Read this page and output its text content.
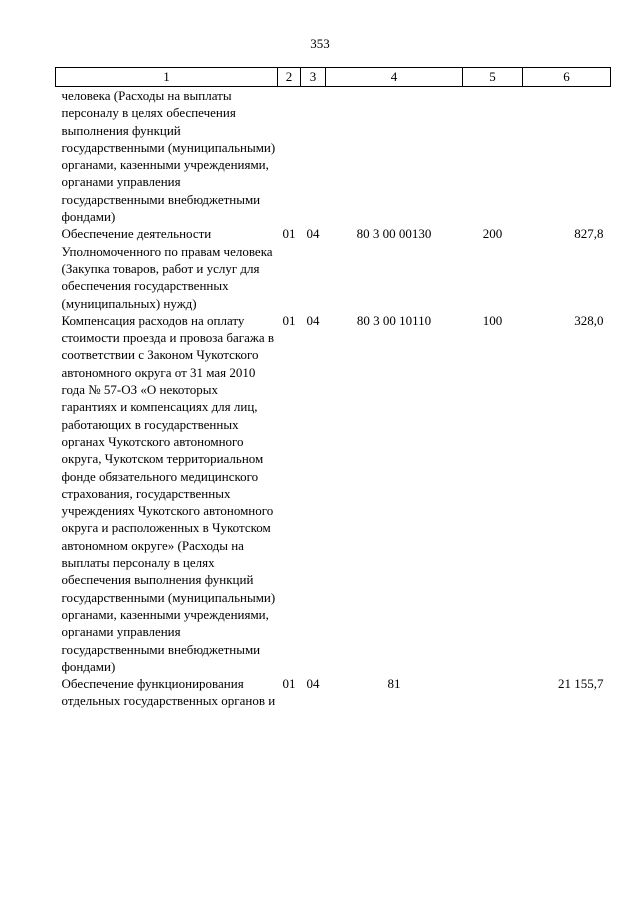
353
1	2	3	4	5	6
человека (Расходы на выплаты персоналу в целях обеспечения выполнения функций государственными (муниципальными) органами, казенными учреждениями, органами управления государственными внебюджетными фондами)					
Обеспечение деятельности Уполномоченного по правам человека (Закупка товаров, работ и услуг для обеспечения государственных (муниципальных) нужд)	01	04	80 3 00 00130	200	827,8
Компенсация расходов на оплату стоимости проезда и провоза багажа в соответствии с Законом Чукотского автономного округа от 31 мая 2010 года № 57-ОЗ «О некоторых гарантиях и компенсациях для лиц, работающих в государственных органах Чукотского автономного округа, Чукотском территориальном фонде обязательного медицинского страхования, государственных учреждениях Чукотского автономного округа и расположенных в Чукотском автономном округе» (Расходы на выплаты персоналу в целях обеспечения выполнения функций государственными (муниципальными) органами, казенными учреждениями, органами управления государственными внебюджетными фондами)	01	04	80 3 00 10110	100	328,0
Обеспечение функционирования отдельных государственных органов и	01	04	81		21 155,7
